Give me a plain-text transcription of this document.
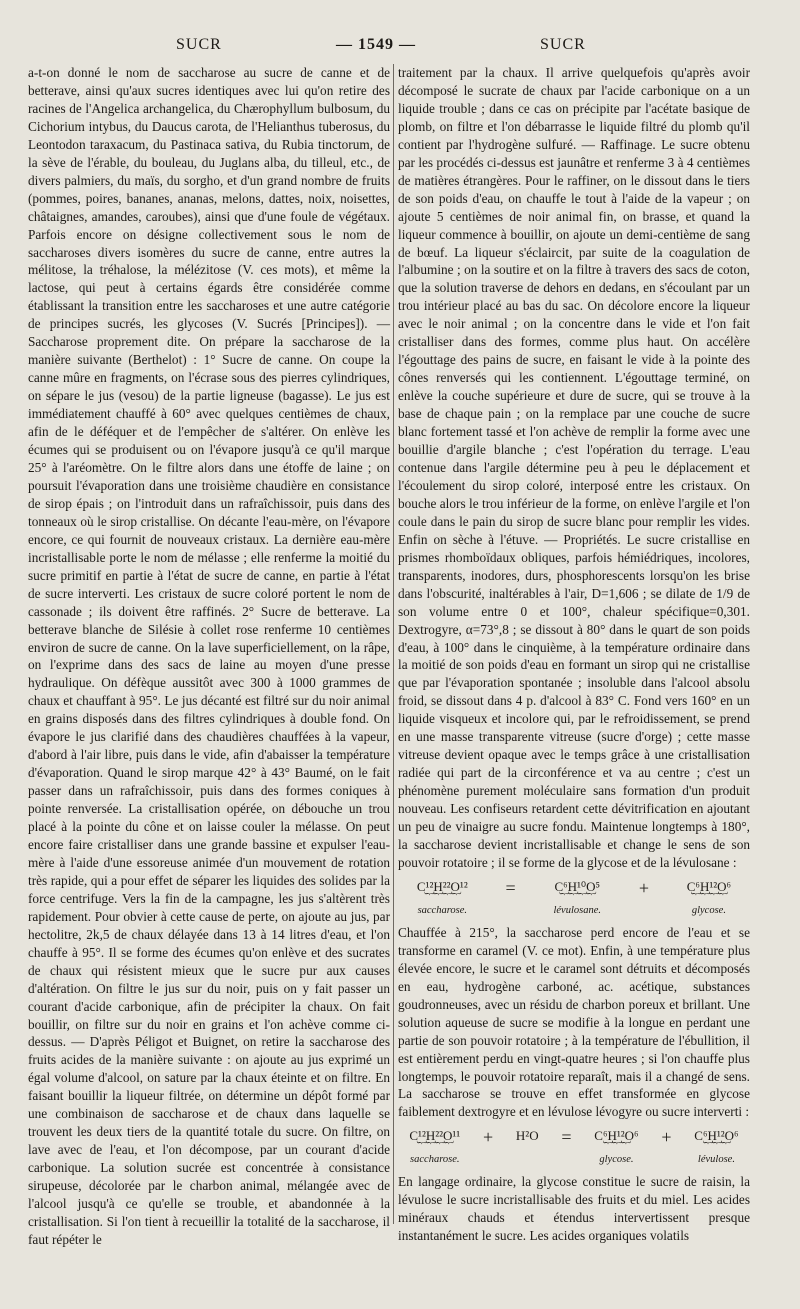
SUCR	— 1549 —	SUCR

a-t-on donné le nom de saccharose au sucre de canne et de betterave, ainsi qu'aux sucres identiques avec lui qu'on retire des racines de l'Angelica archangelica, du Chærophyllum bulbosum, du Cichorium intybus, du Daucus carota, de l'Helianthus tuberosus, du Leontodon taraxacum, du Pastinaca sativa, du Rubia tinctorum, de la sève de l'érable, du bouleau, du Juglans alba, du tilleul, etc., de divers palmiers, du maïs, du sorgho, et d'un grand nombre de fruits (pommes, poires, bananes, ananas, melons, dattes, noix, noisettes, châtaignes, amandes, caroubes), ainsi que d'une foule de végétaux. Parfois encore on désigne collectivement sous le nom de saccharoses divers isomères du sucre de canne, entre autres la mélitose, la tréhalose, la mélézitose (V. ces mots), et même la lactose, qui peut à certains égards être considérée comme établissant la transition entre les saccharoses et une autre catégorie de principes sucrés, les glycoses (V. Sucrés [Principes]). — Saccharose proprement dite. On prépare la saccharose de la manière suivante (Berthelot) : 1° Sucre de canne. On coupe la canne mûre en fragments, on l'écrase sous des pierres cylindriques, on sépare le jus (vesou) de la partie ligneuse (bagasse). Le jus est immédiatement chauffé à 60° avec quelques centièmes de chaux, afin de le déféquer et de l'empêcher de s'altérer. On enlève les écumes qui se produisent ou on l'évapore jusqu'à ce qu'il marque 25° à l'aréomètre. On le filtre alors dans une étoffe de laine ; on poursuit l'évaporation dans une troisième chaudière en consistance de sirop épais ; on l'introduit dans un rafraîchissoir, puis dans des tonneaux où le sirop cristallise. On décante l'eau-mère, on l'évapore encore, ce qui fournit de nouveaux cristaux. La dernière eau-mère incristallisable porte le nom de mélasse ; elle renferme la moitié du sucre primitif en partie à l'état de sucre de canne, en partie à l'état de sucre interverti. Les cristaux de sucre coloré portent le nom de cassonade ; ils doivent être raffinés. 2° Sucre de betterave. La betterave blanche de Silésie à collet rose renferme 10 centièmes environ de sucre de canne. On la lave superficiellement, on la râpe, on l'exprime dans des sacs de laine au moyen d'une presse hydraulique. On défèque aussitôt avec 300 à 1000 grammes de chaux et chauffant à 95°. Le jus décanté est filtré sur du noir animal en grains disposés dans des filtres cylindriques à double fond. On évapore le jus clarifié dans des chaudières chauffées à la vapeur, d'abord à l'air libre, puis dans le vide, afin d'abaisser la température d'évaporation. Quand le sirop marque 42° à 43° Baumé, on le fait passer dans un rafraîchissoir, puis dans des formes coniques à pointe renversée. La cristallisation opérée, on débouche un trou placé à la pointe du cône et on laisse couler la mélasse. On peut encore faire cristalliser dans une grande bassine et expulser l'eau-mère à l'aide d'une essoreuse animée d'un mouvement de rotation très rapide, qui a pour effet de séparer les liquides des solides par la force centrifuge. Vers la fin de la campagne, les jus s'altèrent très rapidement. Pour obvier à cette cause de perte, on ajoute au jus, par hectolitre, 2k,5 de chaux délayée dans 13 à 14 litres d'eau, et l'on chauffe à 95°. Il se forme des écumes qu'on enlève et des sucrates de chaux qui résistent mieux que le sucre pur aux causes d'altération. On filtre le jus sur du noir, puis on y fait passer un courant d'acide carbonique, afin de précipiter la chaux. On fait bouillir, on filtre sur du noir en grains et l'on achève comme ci-dessus. — D'après Péligot et Buignet, on retire la saccharose des fruits acides de la manière suivante : on ajoute au jus exprimé un égal volume d'alcool, on sature par la chaux éteinte et on filtre. En faisant bouillir la liqueur filtrée, on détermine un dépôt formé par une combinaison de saccharose et de chaux dans laquelle se trouvent les deux tiers de la quantité totale du sucre. On filtre, on lave avec de l'eau, et l'on décompose, par un courant d'acide carbonique. La solution sucrée est concentrée à consistance sirupeuse, décolorée par le charbon animal, mélangée avec de l'alcool jusqu'à ce qu'elle se trouble, et abandonnée à la cristallisation. Si l'on tient à recueillir la totalité de la saccharose, il faut répéter le

traitement par la chaux. Il arrive quelquefois qu'après avoir décomposé le sucrate de chaux par l'acide carbonique on a un liquide trouble ; dans ce cas on précipite par l'acétate basique de plomb, on filtre et l'on débarrasse le liquide filtré du plomb qu'il contient par l'hydrogène sulfuré. — Raffinage. Le sucre obtenu par les procédés ci-dessus est jaunâtre et renferme 3 à 4 centièmes de matières étrangères. Pour le raffiner, on le dissout dans le tiers de son poids d'eau, on chauffe le tout à l'aide de la vapeur ; on ajoute 5 centièmes de noir animal fin, on brasse, et quand la liqueur commence à bouillir, on ajoute un demi-centième de sang de bœuf. La liqueur s'éclaircit, par suite de la coagulation de l'albumine ; on la soutire et on la filtre à travers des sacs de coton, que la solution traverse de dehors en dedans, en s'écoulant par un trou intérieur placé au bas du sac. On décolore encore la liqueur avec le noir animal ; on la concentre dans le vide et l'on fait cristalliser dans des formes, comme plus haut. On accélère l'égouttage des pains de sucre, en faisant le vide à la pointe des cônes renversés qui les contiennent. L'égouttage terminé, on enlève la couche supérieure et dure de sucre, qui se trouve à la base de chaque pain ; on la remplace par une couche de sucre blanc fortement tassé et l'on achève de remplir la forme avec une bouillie d'argile blanche ; c'est l'opération du terrage. L'eau contenue dans l'argile détermine peu à peu le déplacement et l'écoulement du sirop coloré, interposé entre les cristaux. On bouche alors le trou inférieur de la forme, on enlève l'argile et l'on coule dans le pain du sirop de sucre blanc pour remplir les vides. Enfin on sèche à l'étuve. — Propriétés. Le sucre cristallise en prismes rhomboïdaux obliques, parfois hémiédriques, incolores, transparents, inodores, durs, phosphorescents lorsqu'on les brise dans l'obscurité, inaltérables à l'air, D=1,606 ; se dilate de 1/9 de son volume entre 0 et 100°, chaleur spécifique=0,301. Dextrogyre, α=73°,8 ; se dissout à 80° dans le quart de son poids d'eau, à 100° dans le cinquième, à la température ordinaire dans la moitié de son poids d'eau en formant un sirop qui ne cristallise que par l'évaporation spontanée ; insoluble dans l'alcool absolu froid, se dissout dans 4 p. d'alcool à 83° C. Fond vers 160° en un liquide visqueux et incolore qui, par le refroidissement, se prend en une masse transparente vitreuse (sucre d'orge) ; cette masse vitreuse devient opaque avec le temps grâce à une cristallisation radiée qui part de la circonférence et va au centre ; c'est un phénomène purement moléculaire sans formation d'un produit nouveau. Les confiseurs retardent cette dévitrification en ajoutant un peu de vinaigre au sucre fondu. Maintenue longtemps à 180°, la saccharose devient incristallisable et change le sens de son pouvoir rotatoire ; il se forme de la glycose et de la lévulosane :

C¹²H²²O¹²
︸︸︸︸
saccharose.
=	C⁶H¹⁰O⁵
︸︸︸︸
lévulosane.
+	C⁶H¹²O⁶
︸︸︸︸
glycose.

Chauffée à 215°, la saccharose perd encore de l'eau et se transforme en caramel (V. ce mot). Enfin, à une température plus élevée encore, le sucre et le caramel sont détruits et décomposés en eau, hydrogène carboné, ac. acétique, substances goudronneuses, avec un résidu de charbon poreux et brillant. Une solution aqueuse de sucre se modifie à la longue en perdant une partie de son pouvoir rotatoire ; à la température de l'ébullition, il est entièrement perdu en vingt-quatre heures ; si l'on chauffe plus longtemps, le pouvoir rotatoire reparaît, mais il a changé de sens. La saccharose se trouve en effet transformée en glycose faiblement dextrogyre et en lévulose lévogyre ou sucre interverti :

C¹²H²²O¹¹
︸︸︸︸
saccharose.
+ H²O = C⁶H¹²O⁶
︸︸︸
glycose.
+ C⁶H¹²O⁶
︸︸︸
lévulose.

En langage ordinaire, la glycose constitue le sucre de raisin, la lévulose le sucre incristallisable des fruits et du miel. Les acides minéraux chauds et étendus intervertissent presque instantanément le sucre. Les acides organiques volatils
